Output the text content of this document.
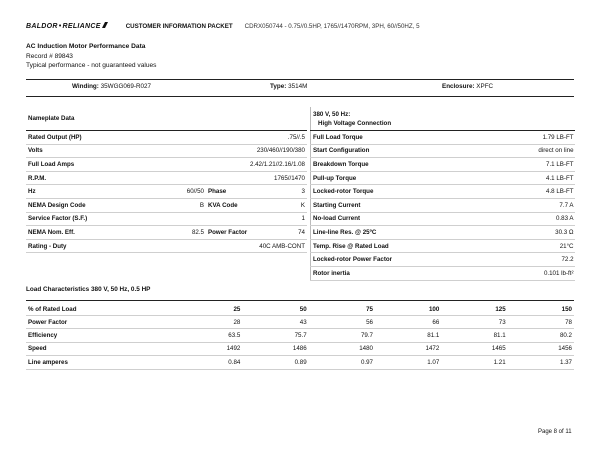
BALDOR•RELIANCE	CUSTOMER INFORMATION PACKET CDRX050744 - 0.75//0.5HP, 1765//1470RPM, 3PH, 60//50HZ, 5
AC Induction Motor Performance Data
Record # 89843
Typical performance - not guaranteed values
Winding: 35WGG069-R027	Type: 3514M	Enclosure: XPFC
Nameplate Data			
Rated Output (HP)		.75//.5	
Volts		230/460//190/380	
Full Load Amps		2.42/1.21//2.16/1.08	
R.P.M.		1765//1470	
Hz	60//50	Phase	3
NEMA Design Code	B	KVA Code	K
Service Factor (S.F.)		1	
NEMA Nom. Eff.	82.5	Power Factor	74
Rating - Duty		40C AMB-CONT	
380 V, 50 Hz:
High Voltage Connection	

Full Load Torque	1.79 LB-FT
Start Configuration	direct on line
Breakdown Torque	7.1 LB-FT
Pull-up Torque	4.1 LB-FT
Locked-rotor Torque	4.8 LB-FT
Starting Current	7.7 A
No-load Current	0.83 A
Line-line Res. @ 25ºC	30.3 Ω
Temp. Rise @ Rated Load	21°C
Locked-rotor Power Factor	72.2
Rotor inertia	0.101 lb-ft²
Load Characteristics 380 V, 50 Hz, 0.5 HP
% of Rated Load	25	50	75	100	125	150
Power Factor	28	43	56	66	73	78
Efficiency	63.5	75.7	79.7	81.1	81.1	80.2
Speed	1492	1486	1480	1472	1465	1456
Line amperes	0.84	0.89	0.97	1.07	1.21	1.37
Page 8 of 11
